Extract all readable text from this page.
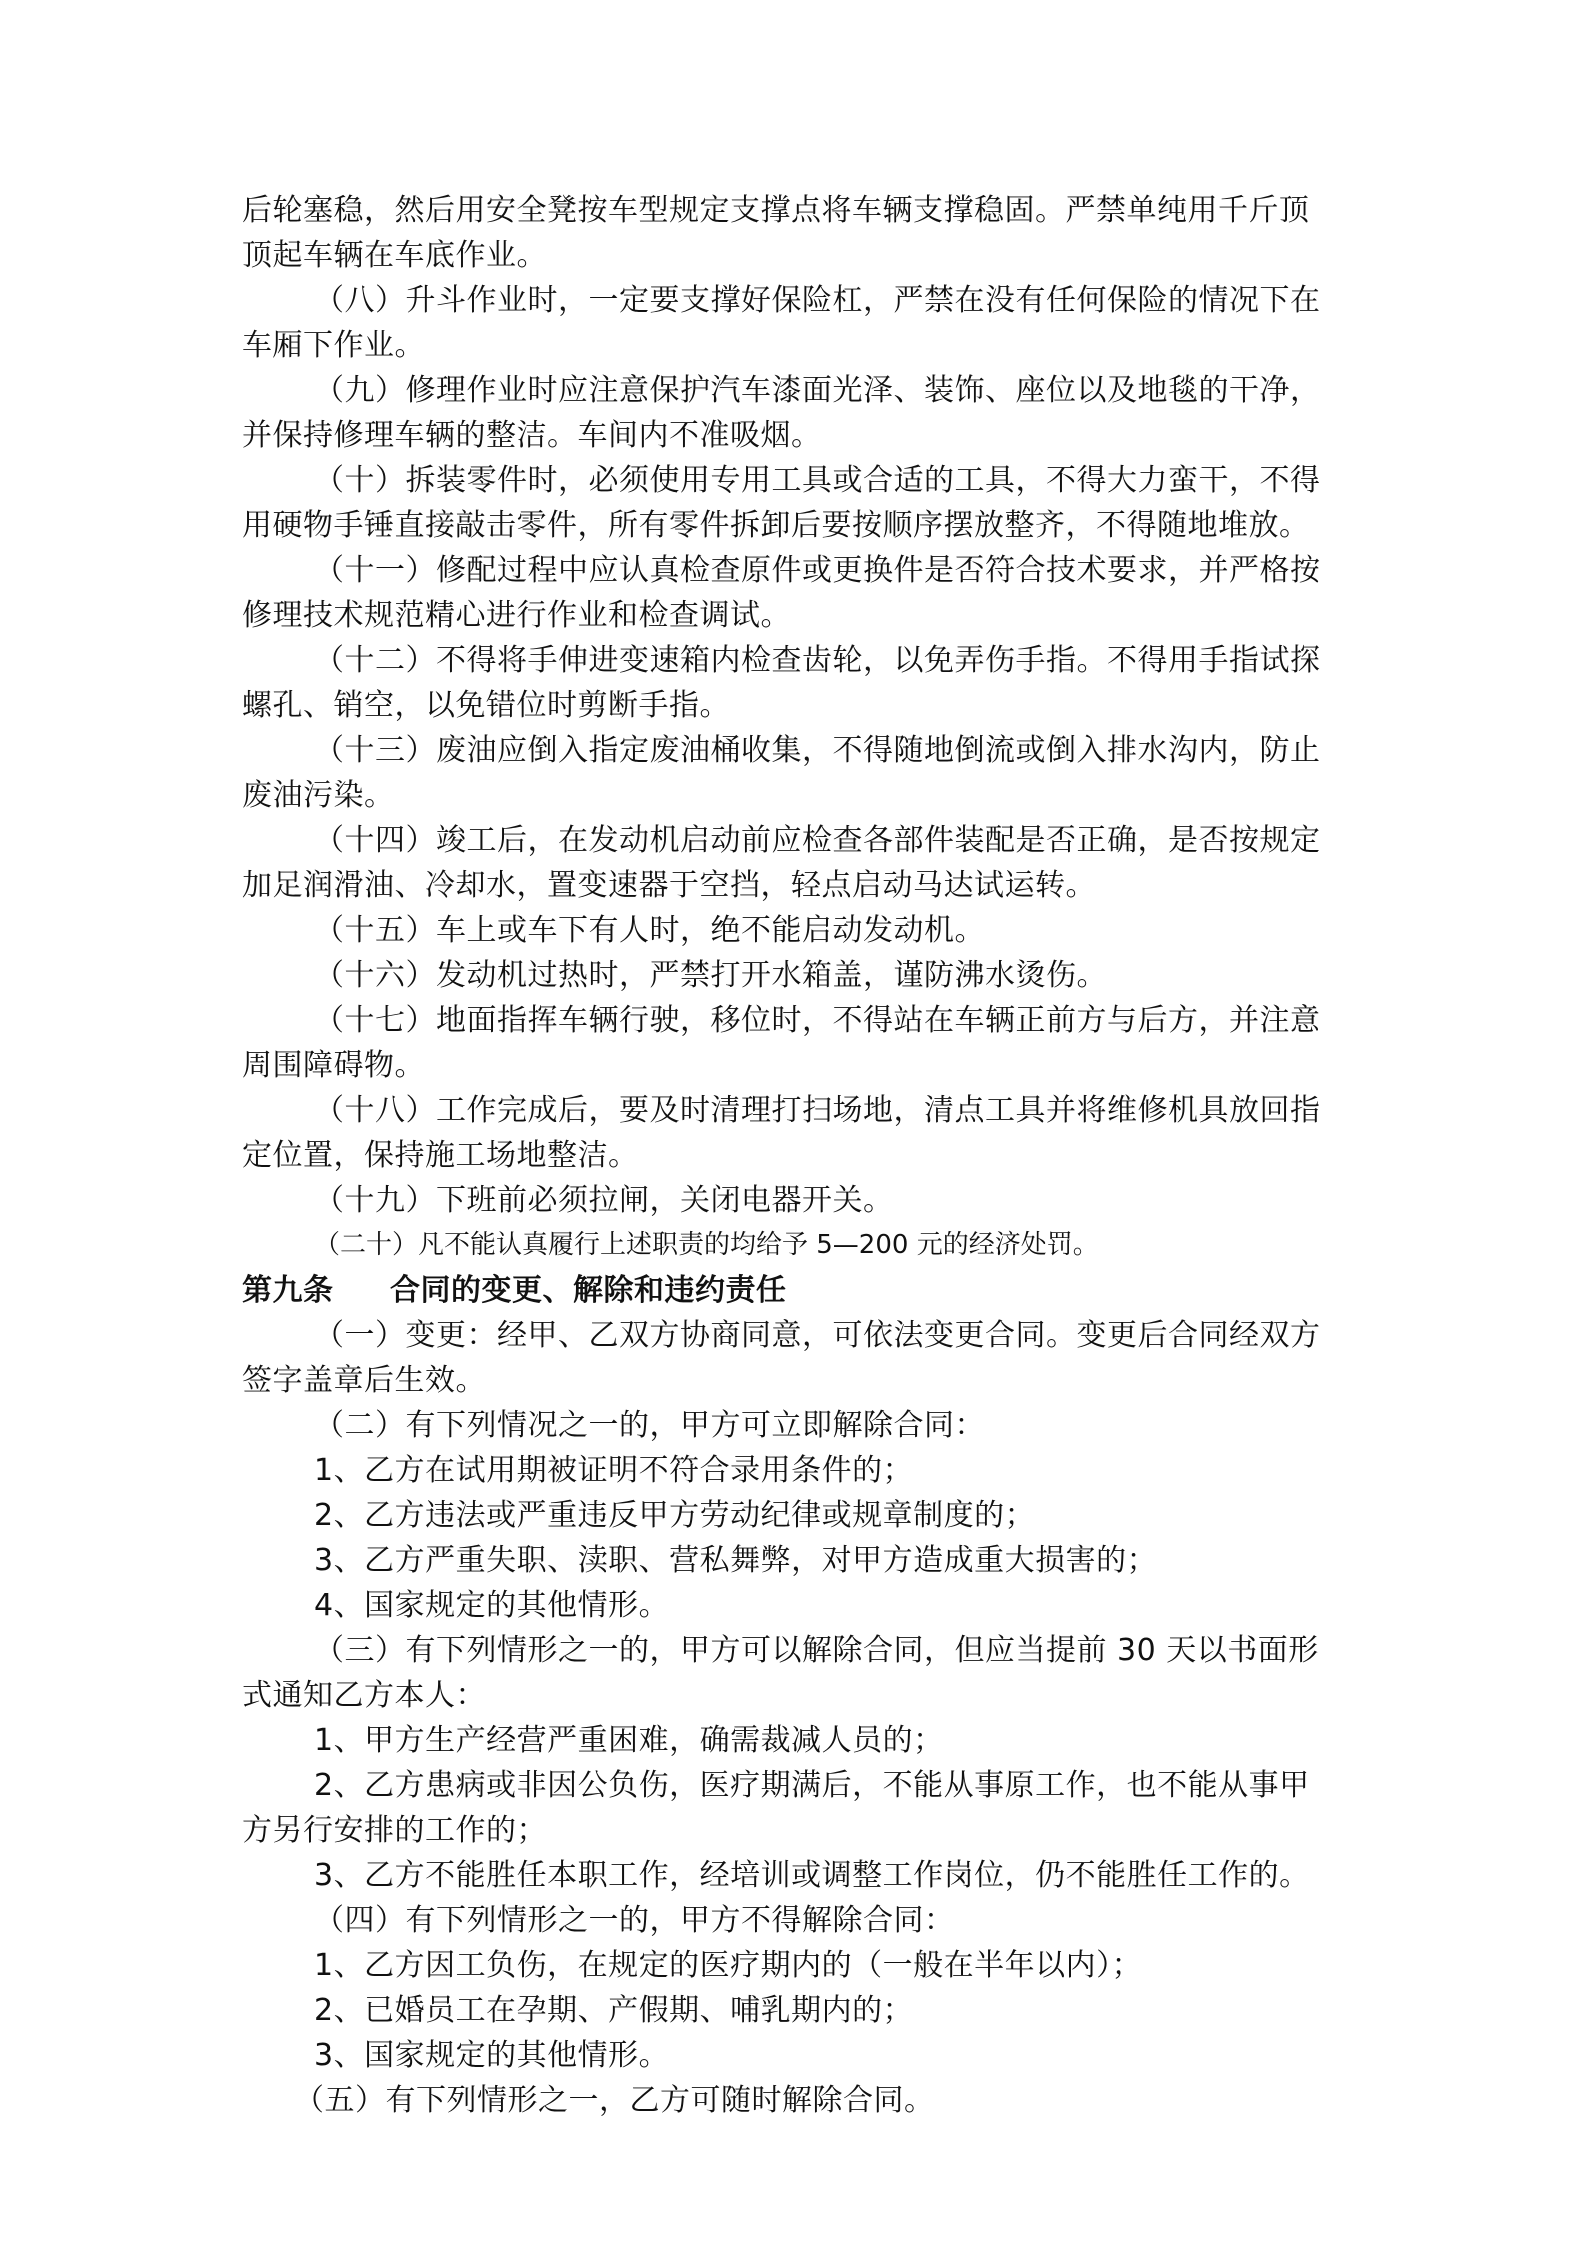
后轮塞稳，然后用安全凳按车型规定支撑点将车辆支撑稳固。严禁单纯用千斤顶
顶起车辆在车底作业。
（八）升斗作业时，一定要支撑好保险杠，严禁在没有任何保险的情况下在
车厢下作业。
（九）修理作业时应注意保护汽车漆面光泽、装饰、座位以及地毯的干净，
并保持修理车辆的整洁。车间内不准吸烟。
（十）拆装零件时，必须使用专用工具或合适的工具，不得大力蛮干，不得
用硬物手锤直接敲击零件，所有零件拆卸后要按顺序摆放整齐，不得随地堆放。
（十一）修配过程中应认真检查原件或更换件是否符合技术要求，并严格按
修理技术规范精心进行作业和检查调试。
（十二）不得将手伸进变速箱内检查齿轮，以免弄伤手指。不得用手指试探
螺孔、销空，以免错位时剪断手指。
（十三）废油应倒入指定废油桶收集，不得随地倒流或倒入排水沟内，防止
废油污染。
（十四）竣工后，在发动机启动前应检查各部件装配是否正确，是否按规定
加足润滑油、冷却水，置变速器于空挡，轻点启动马达试运转。
（十五）车上或车下有人时，绝不能启动发动机。
（十六）发动机过热时，严禁打开水箱盖，谨防沸水烫伤。
（十七）地面指挥车辆行驶，移位时，不得站在车辆正前方与后方，并注意
周围障碍物。
（十八）工作完成后，要及时清理打扫场地，清点工具并将维修机具放回指
定位置，保持施工场地整洁。
（十九）下班前必须拉闸，关闭电器开关。
（二十）凡不能认真履行上述职责的均给予 5—200 元的经济处罚。
第九条 合同的变更、解除和违约责任
（一）变更：经甲、乙双方协商同意，可依法变更合同。变更后合同经双方
签字盖章后生效。
（二）有下列情况之一的，甲方可立即解除合同：
1、乙方在试用期被证明不符合录用条件的；
2、乙方违法或严重违反甲方劳动纪律或规章制度的；
3、乙方严重失职、渎职、营私舞弊，对甲方造成重大损害的；
4、国家规定的其他情形。
（三）有下列情形之一的，甲方可以解除合同，但应当提前 30 天以书面形
式通知乙方本人：
1、甲方生产经营严重困难，确需裁减人员的；
2、乙方患病或非因公负伤，医疗期满后，不能从事原工作，也不能从事甲
方另行安排的工作的；
3、乙方不能胜任本职工作，经培训或调整工作岗位，仍不能胜任工作的。
（四）有下列情形之一的，甲方不得解除合同：
1、乙方因工负伤，在规定的医疗期内的（一般在半年以内）；
2、已婚员工在孕期、产假期、哺乳期内的；
3、国家规定的其他情形。
（五）有下列情形之一，乙方可随时解除合同。
